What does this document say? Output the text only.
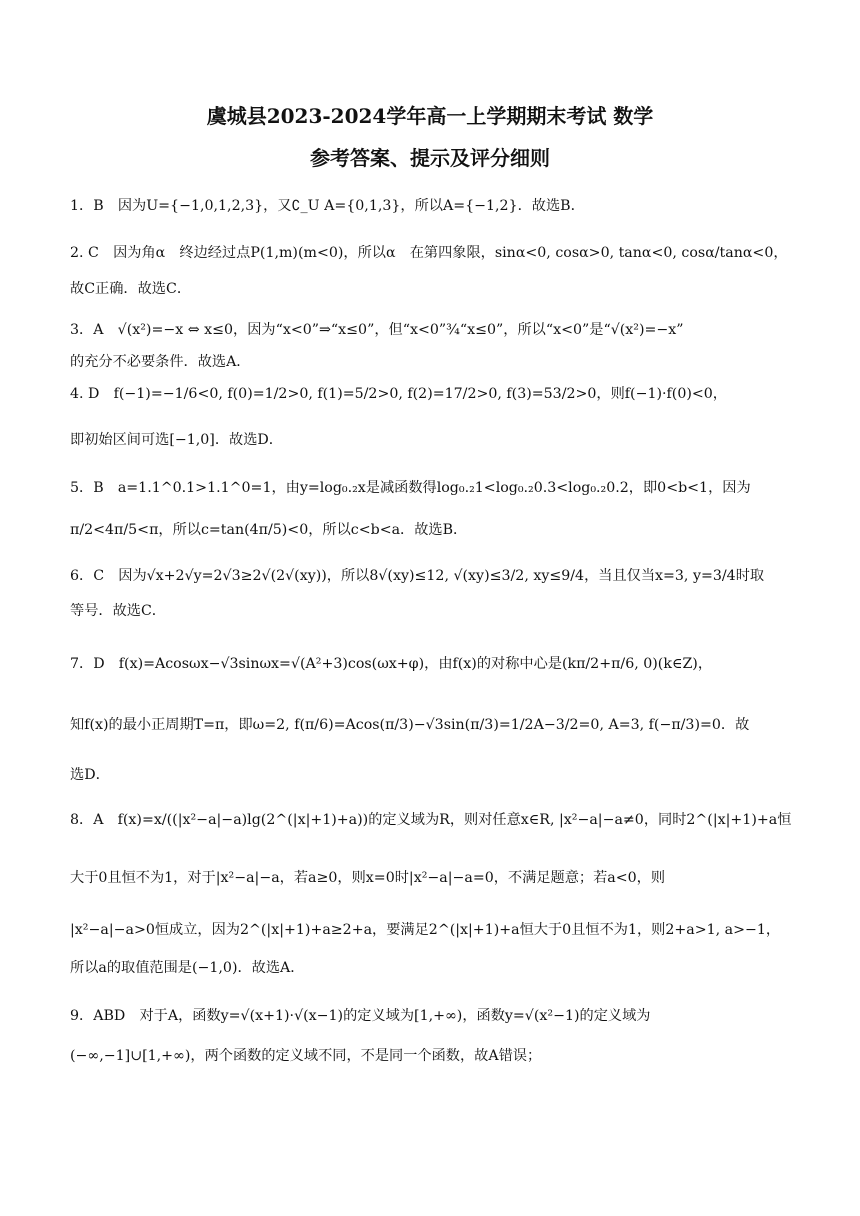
虞城县2023-2024学年高一上学期期末考试 数学
参考答案、提示及评分细则
1．B　因为U={−1,0,1,2,3}，又∁_U A={0,1,3}，所以A={−1,2}．故选B．
2. C　因为角α　终边经过点P(1,m)(m<0)，所以α　在第四象限，sinα<0, cosα>0, tanα<0, cosα/tanα<0，
故C正确．故选C．
3．A　√(x²)=−x ⇔ x≤0，因为“x<0”⇒“x≤0”，但“x<0”¾“x≤0”，所以“x<0”是“√(x²)=−x”
的充分不必要条件．故选A．
4. D　f(−1)=−1/6<0, f(0)=1/2>0, f(1)=5/2>0, f(2)=17/2>0, f(3)=53/2>0，则f(−1)·f(0)<0，
即初始区间可选[−1,0]．故选D．
5．B　a=1.1^0.1>1.1^0=1，由y=log₀.₂x是减函数得log₀.₂1<log₀.₂0.3<log₀.₂0.2，即0<b<1，因为
π/2<4π/5<π，所以c=tan(4π/5)<0，所以c<b<a．故选B．
6．C　因为√x+2√y=2√3≥2√(2√(xy))，所以8√(xy)≤12, √(xy)≤3/2, xy≤9/4，当且仅当x=3, y=3/4时取
等号．故选C．
7．D　f(x)=Acosωx−√3sinωx=√(A²+3)cos(ωx+φ)，由f(x)的对称中心是(kπ/2+π/6, 0)(k∈Z)，
知f(x)的最小正周期T=π，即ω=2, f(π/6)=Acos(π/3)−√3sin(π/3)=1/2A−3/2=0, A=3, f(−π/3)=0．故
选D．
8．A　f(x)=x/((|x²−a|−a)lg(2^(|x|+1)+a))的定义域为R，则对任意x∈R, |x²−a|−a≠0，同时2^(|x|+1)+a恒
大于0且恒不为1，对于|x²−a|−a，若a≥0，则x=0时|x²−a|−a=0，不满足题意；若a<0，则
|x²−a|−a>0恒成立，因为2^(|x|+1)+a≥2+a，要满足2^(|x|+1)+a恒大于0且恒不为1，则2+a>1, a>−1，
所以a的取值范围是(−1,0)．故选A．
9．ABD　对于A，函数y=√(x+1)·√(x−1)的定义域为[1,+∞)，函数y=√(x²−1)的定义域为
(−∞,−1]∪[1,+∞)，两个函数的定义域不同，不是同一个函数，故A错误；
